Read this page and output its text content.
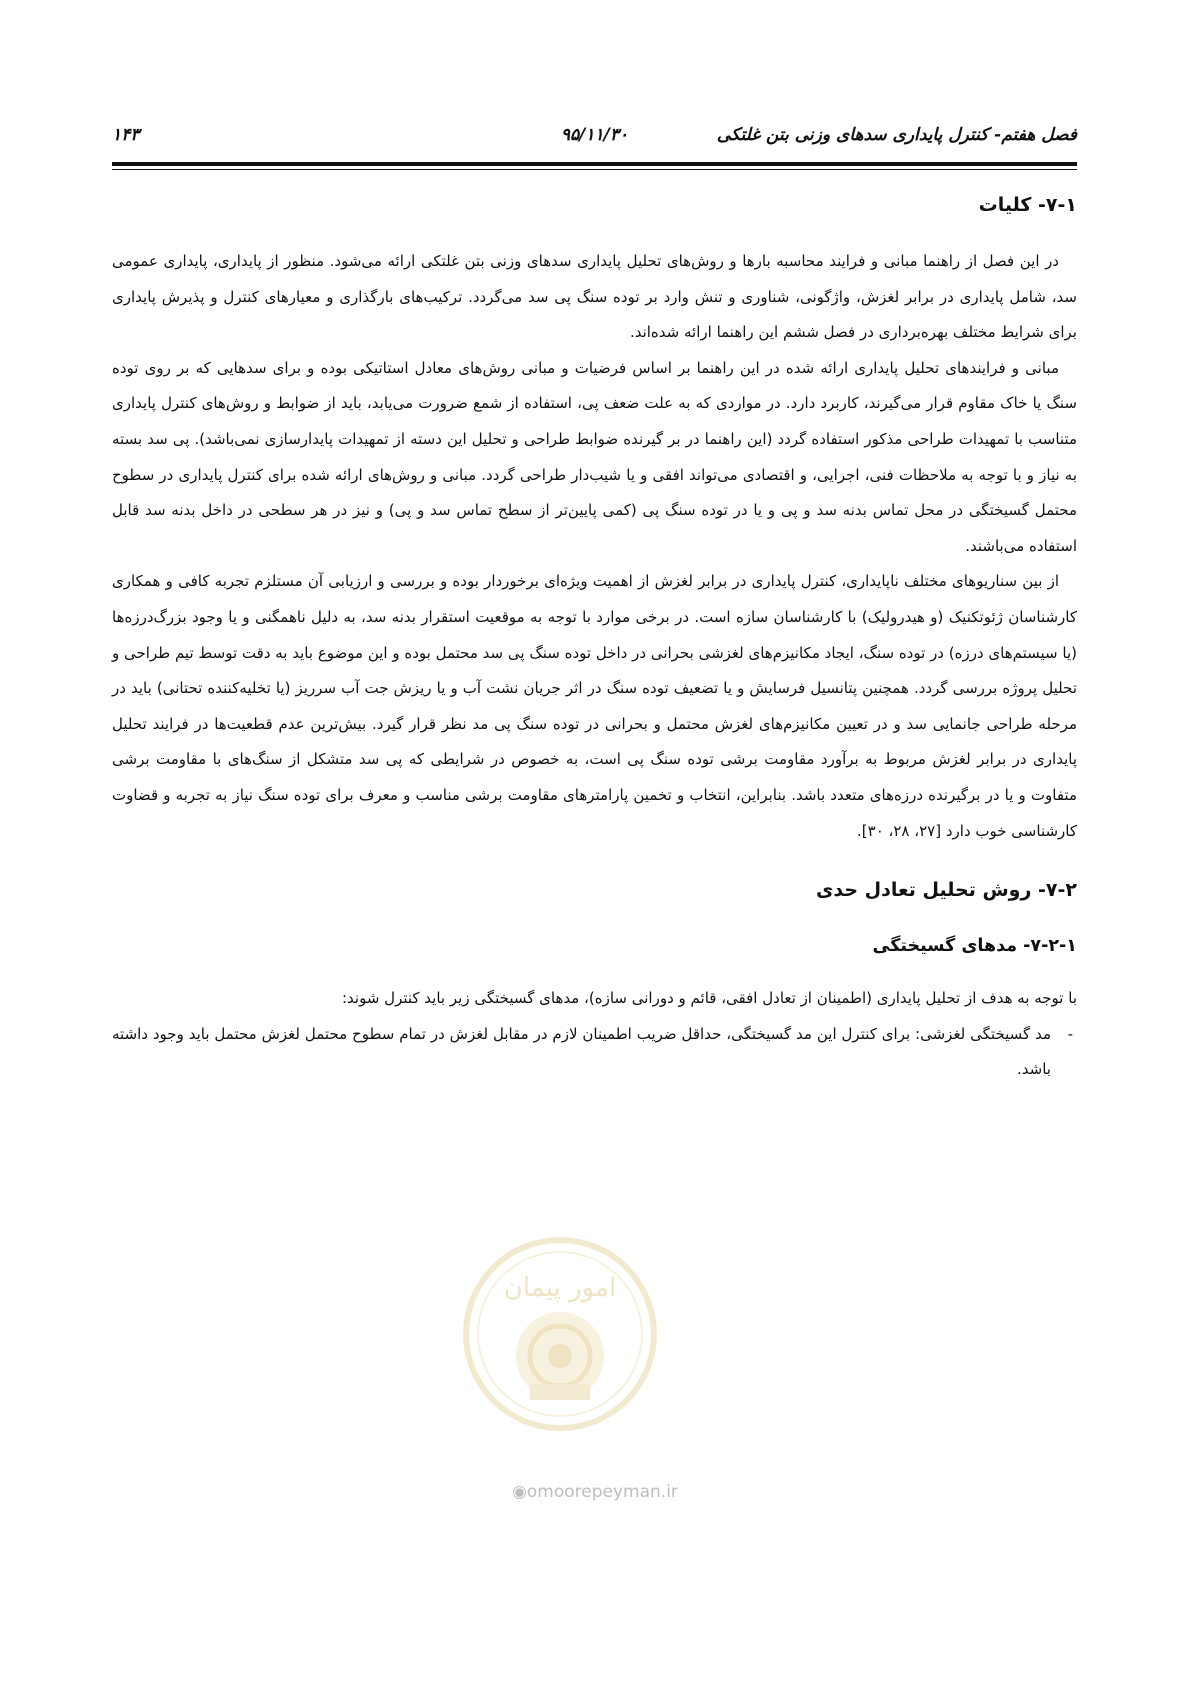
فصل هفتم- کنترل پایداری سدهای وزنی بتن غلتکی
۹۵/۱۱/۳۰
۱۴۳
۷-۱- کلیات

در این فصل از راهنما مبانی و فرایند محاسبه بارها و روش‌های تحلیل پایداری سدهای وزنی بتن غلتکی ارائه می‌شود. منظور از پایداری، پایداری عمومی سد، شامل پایداری در برابر لغزش، واژگونی، شناوری و تنش وارد بر توده سنگ پی سد می‌گردد. ترکیب‌های بارگذاری و معیارهای کنترل و پذیرش پایداری برای شرایط مختلف بهره‌برداری در فصل ششم این راهنما ارائه شده‌اند.

مبانی و فرایندهای تحلیل پایداری ارائه شده در این راهنما بر اساس فرضیات و مبانی روش‌های معادل استاتیکی بوده و برای سدهایی که بر روی توده سنگ یا خاک مقاوم قرار می‌گیرند، کاربرد دارد. در مواردی که به علت ضعف پی، استفاده از شمع ضرورت می‌یابد، باید از ضوابط و روش‌های کنترل پایداری متناسب با تمهیدات طراحی مذکور استفاده گردد (این راهنما در بر گیرنده ضوابط طراحی و تحلیل این دسته از تمهیدات پایدارسازی نمی‌باشد). پی سد بسته به نیاز و با توجه به ملاحظات فنی، اجرایی، و اقتصادی می‌تواند افقی و یا شیب‌دار طراحی گردد. مبانی و روش‌های ارائه شده برای کنترل پایداری در سطوح محتمل گسیختگی در محل تماس بدنه سد و پی و یا در توده سنگ پی (کمی پایین‌تر از سطح تماس سد و پی) و نیز در هر سطحی در داخل بدنه سد قابل استفاده می‌باشند.

از بین سناریوهای مختلف ناپایداری، کنترل پایداری در برابر لغزش از اهمیت ویژه‌ای برخوردار بوده و بررسی و ارزیابی آن مستلزم تجربه کافی و همکاری کارشناسان ژئوتکنیک (و هیدرولیک) با کارشناسان سازه است. در برخی موارد با توجه به موقعیت استقرار بدنه سد، به دلیل ناهمگنی و یا وجود بزرگ‌درزه‌ها (یا سیستم‌های درزه) در توده سنگ، ایجاد مکانیزم‌های لغزشی بحرانی در داخل توده سنگ پی سد محتمل بوده و این موضوع باید به دقت توسط تیم طراحی و تحلیل پروژه بررسی گردد. همچنین پتانسیل فرسایش و یا تضعیف توده سنگ در اثر جریان نشت آب و یا ریزش جت آب سرریز (یا تخلیه‌کننده تحتانی) باید در مرحله طراحی جانمایی سد و در تعیین مکانیزم‌های لغزش محتمل و بحرانی در توده سنگ پی مد نظر قرار گیرد. بیش‌ترین عدم قطعیت‌ها در فرایند تحلیل پایداری در برابر لغزش مربوط به برآورد مقاومت برشی توده سنگ پی است، به خصوص در شرایطی که پی سد متشکل از سنگ‌های با مقاومت برشی متفاوت و یا در برگیرنده درزه‌های متعدد باشد. بنابراین، انتخاب و تخمین پارامترهای مقاومت برشی مناسب و معرف برای توده سنگ نیاز به تجربه و قضاوت کارشناسی خوب دارد [۲۷، ۲۸، ۳۰].

۷-۲- روش تحلیل تعادل حدی
۷-۲-۱- مدهای گسیختگی

با توجه به هدف از تحلیل پایداری (اطمینان از تعادل افقی، قائم و دورانی سازه)، مدهای گسیختگی زیر باید کنترل شوند:

-
مد گسیختگی لغزشی: برای کنترل این مد گسیختگی، حداقل ضریب اطمینان لازم در مقابل لغزش در تمام سطوح محتمل لغزش محتمل باید وجود داشته باشد.
امور پیمان
◉omoorepeyman.ir
